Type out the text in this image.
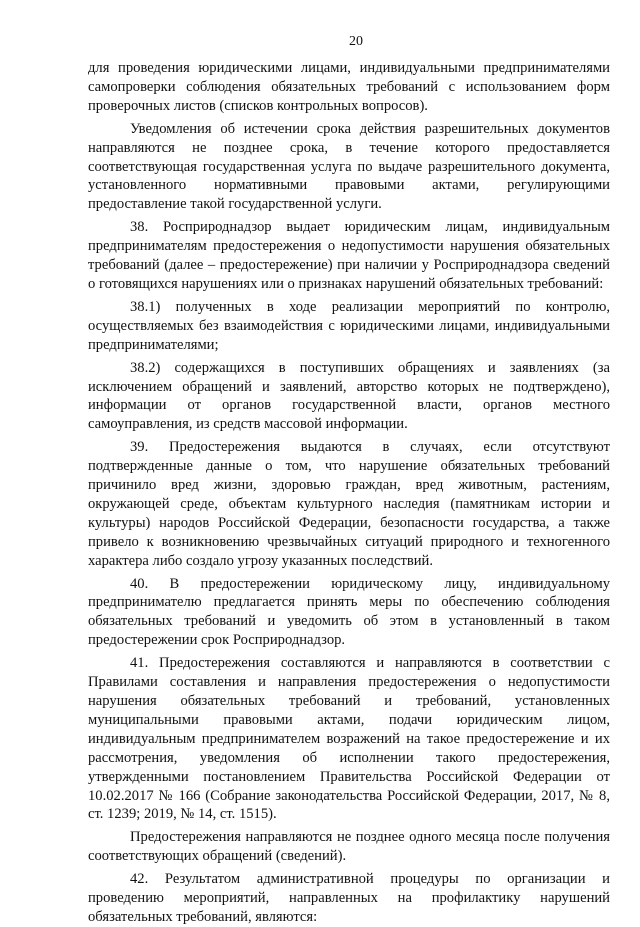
20

для проведения юридическими лицами, индивидуальными предпринимателями самопроверки соблюдения обязательных требований с использованием форм проверочных листов (списков контрольных вопросов).

Уведомления об истечении срока действия разрешительных документов направляются не позднее срока, в течение которого предоставляется соответствующая государственная услуга по выдаче разрешительного документа, установленного нормативными правовыми актами, регулирующими предоставление такой государственной услуги.

38. Росприроднадзор выдает юридическим лицам, индивидуальным предпринимателям предостережения о недопустимости нарушения обязательных требований (далее – предостережение) при наличии у Росприроднадзора сведений о готовящихся нарушениях или о признаках нарушений обязательных требований:

38.1) полученных в ходе реализации мероприятий по контролю, осуществляемых без взаимодействия с юридическими лицами, индивидуальными предпринимателями;

38.2) содержащихся в поступивших обращениях и заявлениях (за исключением обращений и заявлений, авторство которых не подтверждено), информации от органов государственной власти, органов местного самоуправления, из средств массовой информации.

39. Предостережения выдаются в случаях, если отсутствуют подтвержденные данные о том, что нарушение обязательных требований причинило вред жизни, здоровью граждан, вред животным, растениям, окружающей среде, объектам культурного наследия (памятникам истории и культуры) народов Российской Федерации, безопасности государства, а также привело к возникновению чрезвычайных ситуаций природного и техногенного характера либо создало угрозу указанных последствий.

40. В предостережении юридическому лицу, индивидуальному предпринимателю предлагается принять меры по обеспечению соблюдения обязательных требований и уведомить об этом в установленный в таком предостережении срок Росприроднадзор.

41. Предостережения составляются и направляются в соответствии с Правилами составления и направления предостережения о недопустимости нарушения обязательных требований и требований, установленных муниципальными правовыми актами, подачи юридическим лицом, индивидуальным предпринимателем возражений на такое предостережение и их рассмотрения, уведомления об исполнении такого предостережения, утвержденными постановлением Правительства Российской Федерации от 10.02.2017 № 166 (Собрание законодательства Российской Федерации, 2017, № 8, ст. 1239; 2019, № 14, ст. 1515).

Предостережения направляются не позднее одного месяца после получения соответствующих обращений (сведений).

42. Результатом административной процедуры по организации и проведению мероприятий, направленных на профилактику нарушений обязательных требований, являются:
